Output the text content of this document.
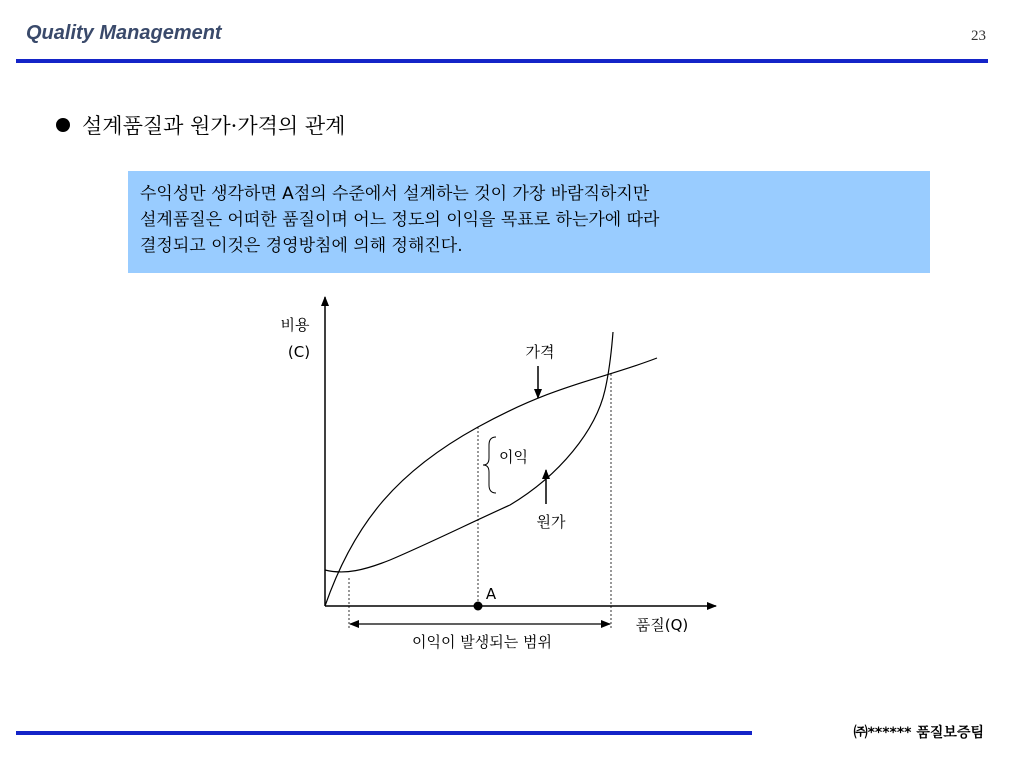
Quality Management	23
설계품질과 원가·가격의 관계
수익성만 생각하면 A점의 수준에서 설계하는 것이 가장 바람직하지만
설계품질은 어떠한 품질이며 어느 정도의 이익을 목표로 하는가에 따라
결정되고 이것은 경영방침에 의해 정해진다.
비용
(C)	가격
이익
원가
A
품질(Q)
이익이 발생되는 범위
㈜****** 품질보증팀
